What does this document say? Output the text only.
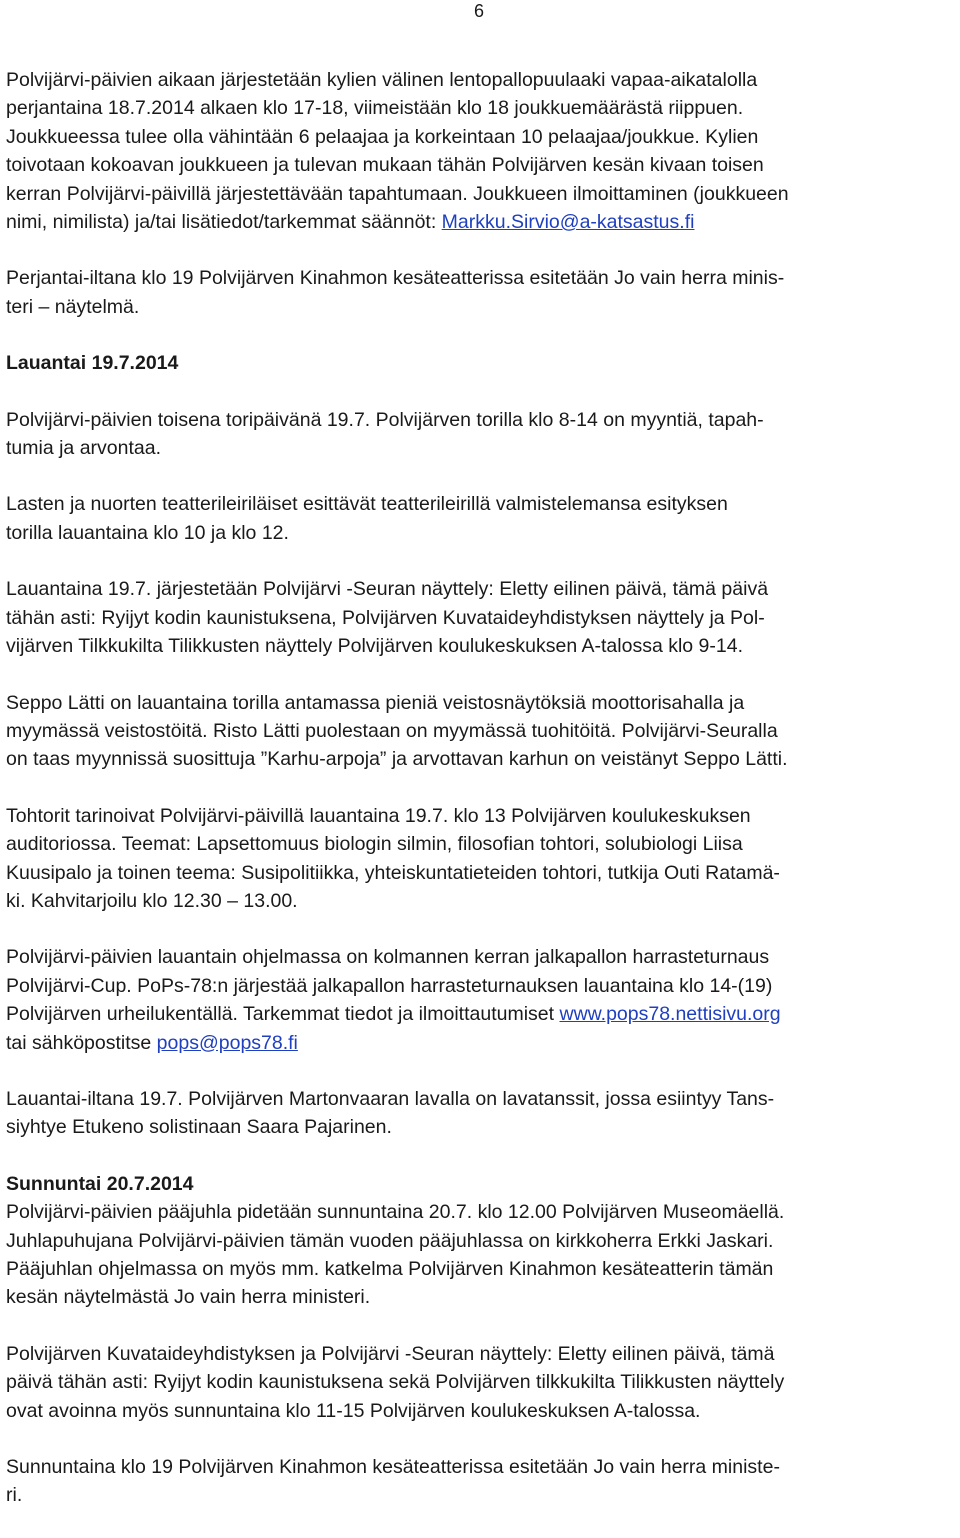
6
Polvijärvi-päivien aikaan järjestetään kylien välinen lentopallopuulaaki vapaa-aikatalolla
perjantaina 18.7.2014 alkaen klo 17-18, viimeistään klo 18 joukkuemäärästä riippuen.
Joukkueessa tulee olla vähintään 6 pelaajaa ja korkeintaan 10 pelaajaa/joukkue. Kylien
toivotaan kokoavan joukkueen ja tulevan mukaan tähän Polvijärven kesän kivaan toisen
kerran Polvijärvi-päivillä järjestettävään tapahtumaan. Joukkueen ilmoittaminen (joukkueen
nimi, nimilista) ja/tai lisätiedot/tarkemmat säännöt: Markku.Sirvio@a-katsastus.fi
Perjantai-iltana klo 19 Polvijärven Kinahmon kesäteatterissa esitetään Jo vain herra minis-
teri – näytelmä.
Lauantai 19.7.2014
Polvijärvi-päivien toisena toripäivänä 19.7. Polvijärven torilla klo 8-14 on myyntiä, tapah-
tumia ja arvontaa.
Lasten ja nuorten teatterileiriläiset esittävät teatterileirillä valmistelemansa esityksen
torilla lauantaina klo 10 ja klo 12.
Lauantaina 19.7. järjestetään Polvijärvi -Seuran näyttely: Eletty eilinen päivä, tämä päivä
tähän asti: Ryijyt kodin kaunistuksena, Polvijärven Kuvataideyhdistyksen näyttely ja Pol-
vijärven Tilkkukilta Tilikkusten näyttely Polvijärven koulukeskuksen A-talossa klo 9-14.
Seppo Lätti on lauantaina torilla antamassa pieniä veistosnäytöksiä moottorisahalla ja
myymässä veistostöitä. Risto Lätti puolestaan on myymässä tuohitöitä. Polvijärvi-Seuralla
on taas myynnissä suosittuja ”Karhu-arpoja” ja arvottavan karhun on veistänyt Seppo Lätti.
Tohtorit tarinoivat Polvijärvi-päivillä lauantaina 19.7. klo 13 Polvijärven koulukeskuksen
auditoriossa. Teemat: Lapsettomuus biologin silmin, filosofian tohtori, solubiologi Liisa
Kuusipalo ja toinen teema: Susipolitiikka, yhteiskuntatieteiden tohtori, tutkija Outi Ratamä-
ki. Kahvitarjoilu klo 12.30 – 13.00.
Polvijärvi-päivien lauantain ohjelmassa on kolmannen kerran jalkapallon harrasteturnaus
Polvijärvi-Cup. PoPs-78:n järjestää jalkapallon harrasteturnauksen lauantaina klo 14-(19)
Polvijärven urheilukentällä. Tarkemmat tiedot ja ilmoittautumiset www.pops78.nettisivu.org
tai sähköpostitse pops@pops78.fi
Lauantai-iltana 19.7. Polvijärven Martonvaaran lavalla on lavatanssit, jossa esiintyy Tans-
siyhtye Etukeno solistinaan Saara Pajarinen.
Sunnuntai 20.7.2014
Polvijärvi-päivien pääjuhla pidetään sunnuntaina 20.7. klo 12.00 Polvijärven Museomäellä.
Juhlapuhujana Polvijärvi-päivien tämän vuoden pääjuhlassa on kirkkoherra Erkki Jaskari.
Pääjuhlan ohjelmassa on myös mm. katkelma Polvijärven Kinahmon kesäteatterin tämän
kesän näytelmästä Jo vain herra ministeri.
Polvijärven Kuvataideyhdistyksen ja Polvijärvi -Seuran näyttely: Eletty eilinen päivä, tämä
päivä tähän asti: Ryijyt kodin kaunistuksena sekä Polvijärven tilkkukilta Tilikkusten näyttely
ovat avoinna myös sunnuntaina klo 11-15 Polvijärven koulukeskuksen A-talossa.
Sunnuntaina klo 19 Polvijärven Kinahmon kesäteatterissa esitetään Jo vain herra ministe-
ri.
